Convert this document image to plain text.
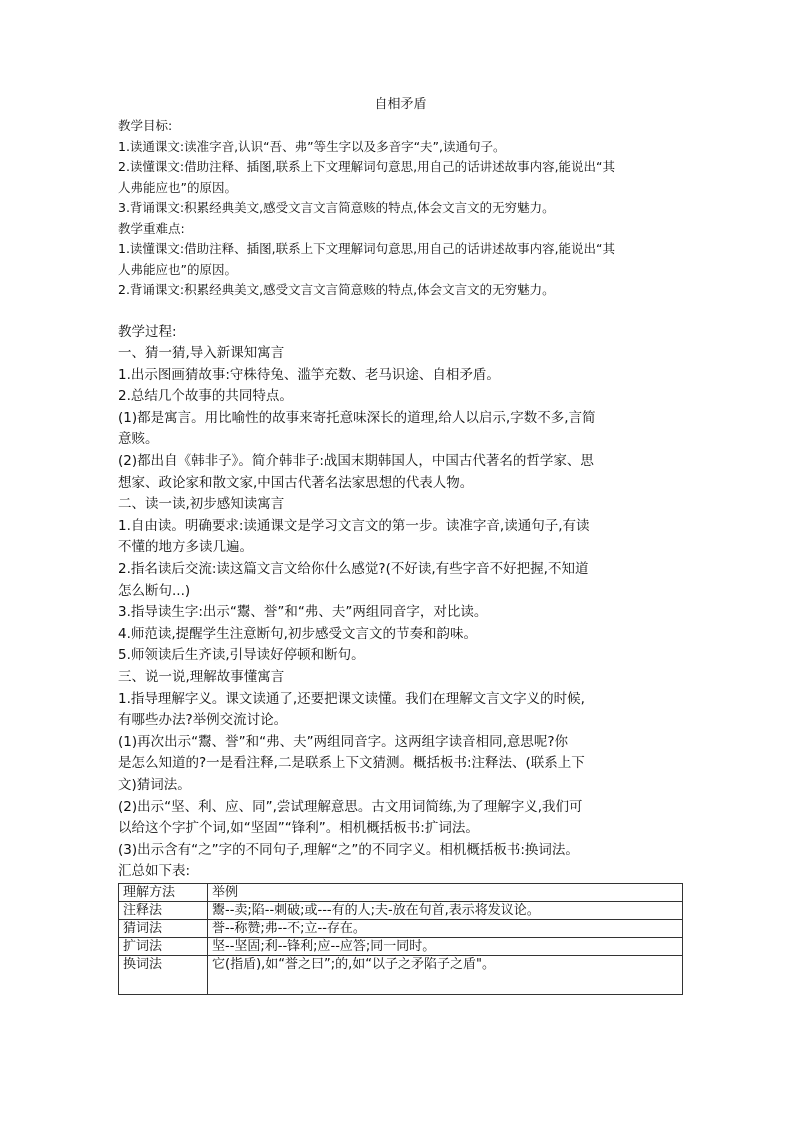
自相矛盾

教学目标:

1.读通课文:读准字音,认识“吾、弗”等生字以及多音字“夫”,读通句子。

2.读懂课文:借助注释、插图,联系上下文理解词句意思,用自己的话讲述故事内容,能说出“其

人弗能应也”的原因。

3.背诵课文:积累经典美文,感受文言文言简意赅的特点,体会文言文的无穷魅力。

教学重难点:

1.读懂课文:借助注释、插图,联系上下文理解词句意思,用自己的话讲述故事内容,能说出“其

人弗能应也”的原因。

2.背诵课文:积累经典美文,感受文言文言简意赅的特点,体会文言文的无穷魅力。

教学过程:

一、猜一猜,导入新课知寓言

1.出示图画猜故事:守株待兔、滥竽充数、老马识途、自相矛盾。

2.总结几个故事的共同特点。

(1)都是寓言。用比喻性的故事来寄托意味深长的道理,给人以启示,字数不多,言简

意赅。

(2)都出自《韩非子》。简介韩非子:战国末期韩国人，中国古代著名的哲学家、思

想家、政论家和散文家,中国古代著名法家思想的代表人物。

二、读一读,初步感知读寓言

1.自由读。明确要求:读通课文是学习文言文的第一步。读准字音,读通句子,有读

不懂的地方多读几遍。

2.指名读后交流:读这篇文言文给你什么感觉?(不好读,有些字音不好把握,不知道

怎么断句...)

3.指导读生字:出示“鬻、誉”和“弗、夫”两组同音字，对比读。

4.师范读,提醒学生注意断句,初步感受文言文的节奏和韵味。

5.师领读后生齐读,引导读好停顿和断句。

三、说一说,理解故事懂寓言

1.指导理解字义。课文读通了,还要把课文读懂。我们在理解文言文字义的时候,

有哪些办法?举例交流讨论。

(1)再次出示“鬻、誉”和“弗、夫”两组同音字。这两组字读音相同,意思呢?你

是怎么知道的?一是看注释,二是联系上下文猜测。概括板书:注释法、(联系上下

文)猜词法。

(2)出示“坚、利、应、同”,尝试理解意思。古文用词简练,为了理解字义,我们可

以给这个字扩个词,如“坚固”“锋利”。相机概括板书:扩词法。

(3)出示含有“之”字的不同句子,理解“之”的不同字义。相机概括板书:换词法。

汇总如下表:

理解方法	举例
注释法	鬻--卖;陷--刺破;或---有的人;夫-放在句首,表示将发议论。
猜词法	誉--称赞;弗--不;立--存在。
扩词法	坚--坚固;利--锋利;应--应答;同一同时。
换词法	它(指盾),如“誉之曰”;的,如“以子之矛陷子之盾"。
